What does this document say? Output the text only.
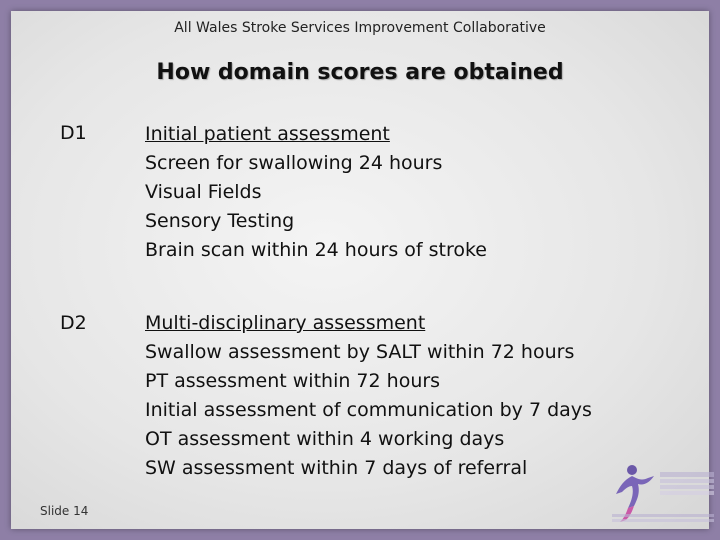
All Wales Stroke Services Improvement Collaborative
How domain scores are obtained
D1	Initial patient assessment
Screen for swallowing 24 hours
Visual Fields
Sensory Testing
Brain scan within 24 hours of stroke
D2	Multi-disciplinary assessment
Swallow assessment by SALT within 72 hours
PT assessment within 72 hours
Initial assessment of communication by 7 days
OT assessment within 4 working days
SW assessment within 7 days of referral
Slide 14
